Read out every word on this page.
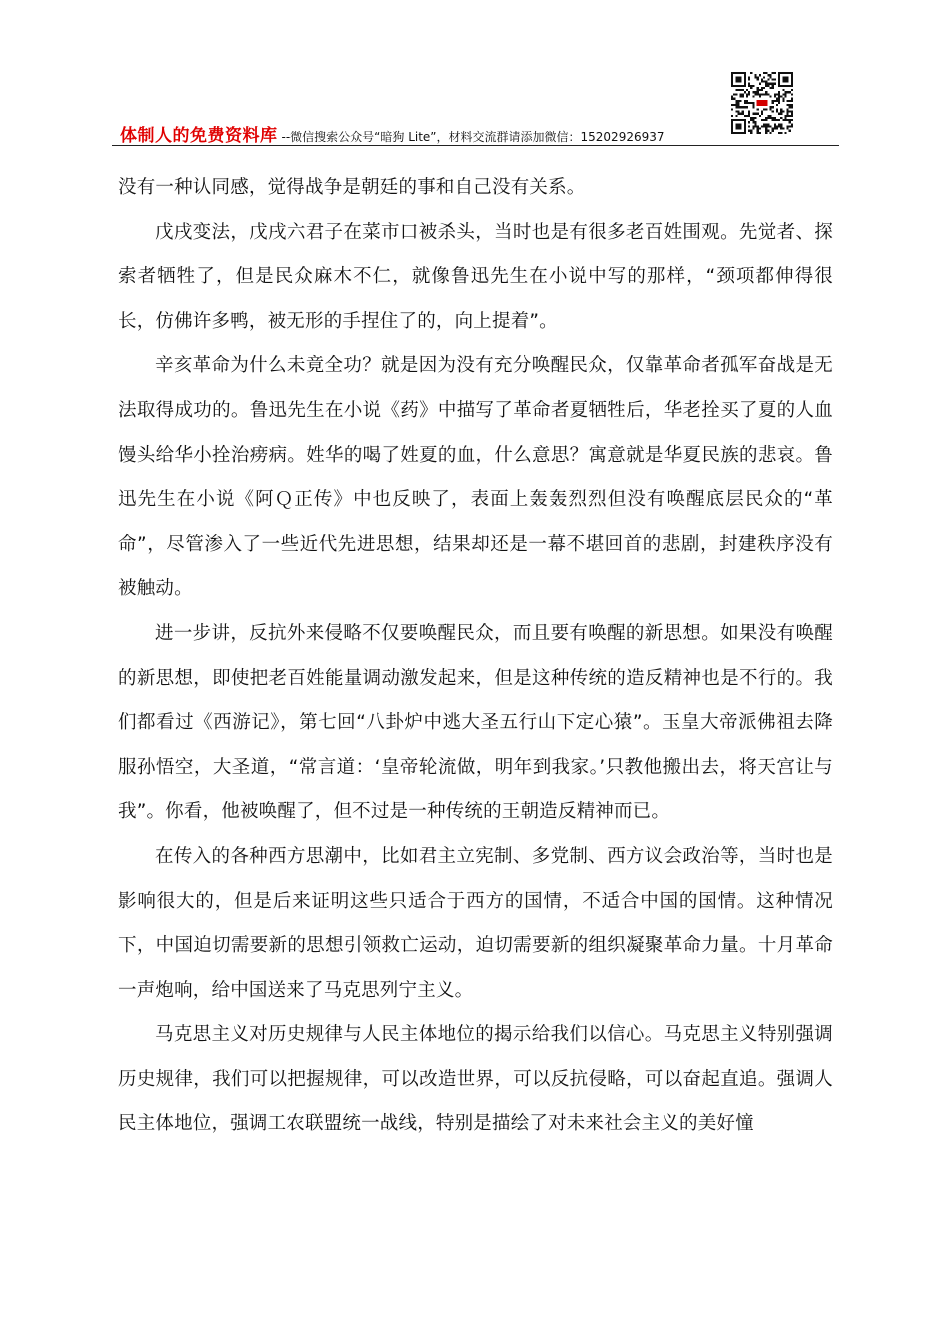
体制人的免费资料库 --微信搜索公众号“暗狗 Lite”，材料交流群请添加微信：15202926937

没有一种认同感，觉得战争是朝廷的事和自己没有关系。

戊戌变法，戊戌六君子在菜市口被杀头，当时也是有很多老百姓围观。先觉者、探索者牺牲了，但是民众麻木不仁，就像鲁迅先生在小说中写的那样，“颈项都伸得很长，仿佛许多鸭，被无形的手捏住了的，向上提着”。

辛亥革命为什么未竟全功？就是因为没有充分唤醒民众，仅靠革命者孤军奋战是无法取得成功的。鲁迅先生在小说《药》中描写了革命者夏牺牲后，华老拴买了夏的人血馒头给华小拴治痨病。姓华的喝了姓夏的血，什么意思？寓意就是华夏民族的悲哀。鲁迅先生在小说《阿Ｑ正传》中也反映了，表面上轰轰烈烈但没有唤醒底层民众的“革命”，尽管渗入了一些近代先进思想，结果却还是一幕不堪回首的悲剧，封建秩序没有被触动。

进一步讲，反抗外来侵略不仅要唤醒民众，而且要有唤醒的新思想。如果没有唤醒的新思想，即使把老百姓能量调动激发起来，但是这种传统的造反精神也是不行的。我们都看过《西游记》，第七回“八卦炉中逃大圣五行山下定心猿”。玉皇大帝派佛祖去降服孙悟空，大圣道，“常言道：‘皇帝轮流做，明年到我家。’只教他搬出去，将天宫让与我”。你看，他被唤醒了，但不过是一种传统的王朝造反精神而已。

在传入的各种西方思潮中，比如君主立宪制、多党制、西方议会政治等，当时也是影响很大的，但是后来证明这些只适合于西方的国情，不适合中国的国情。这种情况下，中国迫切需要新的思想引领救亡运动，迫切需要新的组织凝聚革命力量。十月革命一声炮响，给中国送来了马克思列宁主义。

马克思主义对历史规律与人民主体地位的揭示给我们以信心。马克思主义特别强调历史规律，我们可以把握规律，可以改造世界，可以反抗侵略，可以奋起直追。强调人民主体地位，强调工农联盟统一战线，特别是描绘了对未来社会主义的美好憧
